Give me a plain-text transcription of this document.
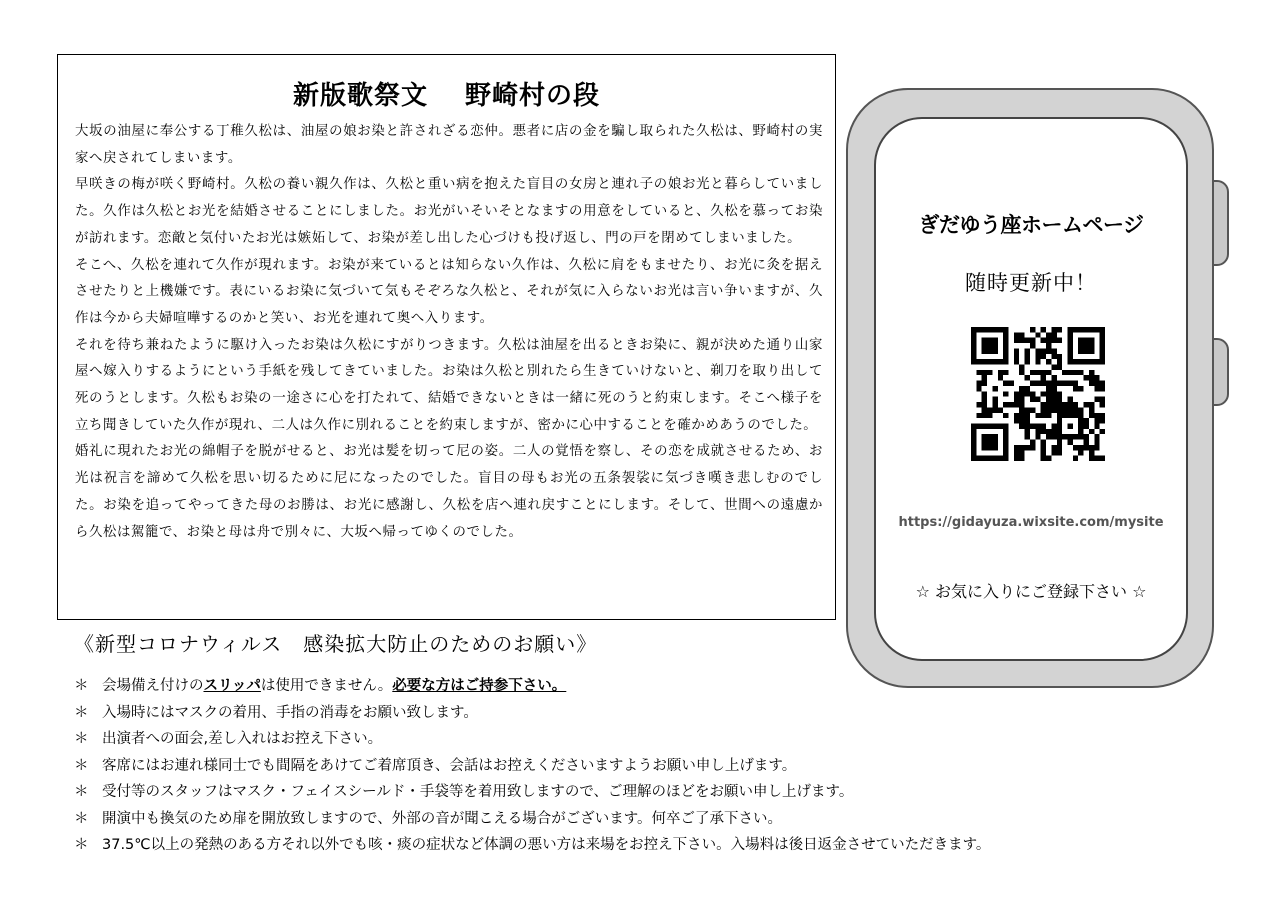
新版歌祭文　 野崎村の段

大坂の油屋に奉公する丁稚久松は、油屋の娘お染と許されざる恋仲。悪者に店の金を騙し取られた久松は、野崎村の実家へ戻されてしまいます。

早咲きの梅が咲く野崎村。久松の養い親久作は、久松と重い病を抱えた盲目の女房と連れ子の娘お光と暮らしていました。久作は久松とお光を結婚させることにしました。お光がいそいそとなますの用意をしていると、久松を慕ってお染が訪れます。恋敵と気付いたお光は嫉妬して、お染が差し出した心づけも投げ返し、門の戸を閉めてしまいました。

そこへ、久松を連れて久作が現れます。お染が来ているとは知らない久作は、久松に肩をもませたり、お光に灸を据えさせたりと上機嫌です。表にいるお染に気づいて気もそぞろな久松と、それが気に入らないお光は言い争いますが、久作は今から夫婦喧嘩するのかと笑い、お光を連れて奥へ入ります。

それを待ち兼ねたように駆け入ったお染は久松にすがりつきます。久松は油屋を出るときお染に、親が決めた通り山家屋へ嫁入りするようにという手紙を残してきていました。お染は久松と別れたら生きていけないと、剃刀を取り出して死のうとします。久松もお染の一途さに心を打たれて、結婚できないときは一緒に死のうと約束します。そこへ様子を立ち聞きしていた久作が現れ、二人は久作に別れることを約束しますが、密かに心中することを確かめあうのでした。

婚礼に現れたお光の綿帽子を脱がせると、お光は髪を切って尼の姿。二人の覚悟を察し、その恋を成就させるため、お光は祝言を諦めて久松を思い切るために尼になったのでした。盲目の母もお光の五条袈裟に気づき嘆き悲しむのでした。お染を追ってやってきた母のお勝は、お光に感謝し、久松を店へ連れ戻すことにします。そして、世間への遠慮から久松は駕籠で、お染と母は舟で別々に、大坂へ帰ってゆくのでした。

ぎだゆう座ホームページ
随時更新中！
https://gidayuza.wixsite.com/mysite
☆ お気に入りにご登録下さい ☆
《新型コロナウィルス　感染拡大防止のためのお願い》
＊ 会場備え付けのスリッパは使用できません。必要な方はご持参下さい。
＊ 入場時にはマスクの着用、手指の消毒をお願い致します。
＊ 出演者への面会,差し入れはお控え下さい。
＊ 客席にはお連れ様同士でも間隔をあけてご着席頂き、会話はお控えくださいますようお願い申し上げます。
＊ 受付等のスタッフはマスク・フェイスシールド・手袋等を着用致しますので、ご理解のほどをお願い申し上げます。
＊ 開演中も換気のため扉を開放致しますので、外部の音が聞こえる場合がございます。何卒ご了承下さい。
＊ 37.5℃以上の発熱のある方それ以外でも咳・痰の症状など体調の悪い方は来場をお控え下さい。入場料は後日返金させていただきます。
